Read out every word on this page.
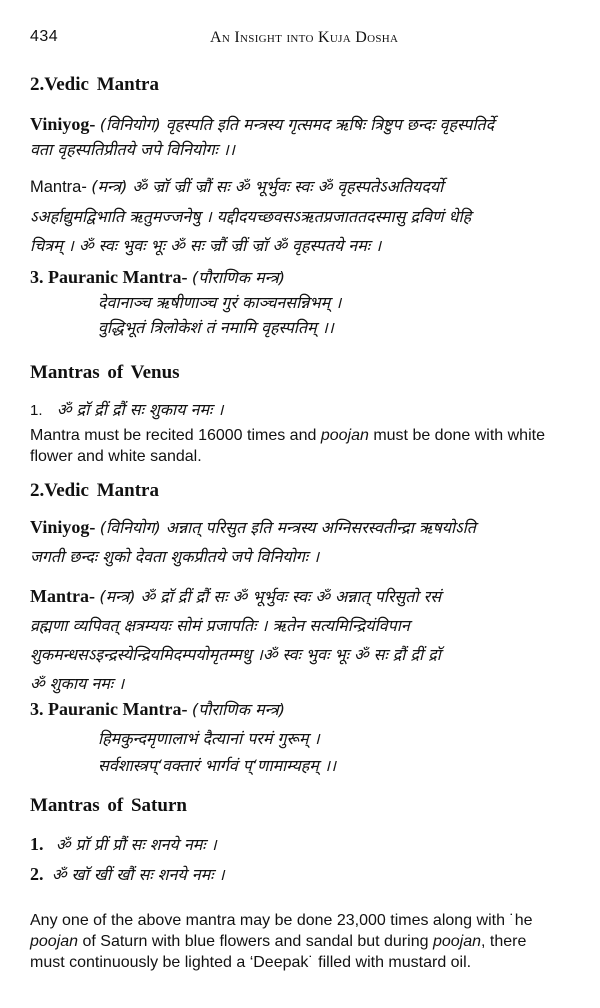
434	An Insight into Kuja Dosha
2.Vedic Mantra
Viniyog- (विनियोग) वृहस्पति इति मन्त्रस्य गृत्समद ऋषिः त्रिष्टुप छन्दः वृहस्पतिर्दे
वता वृहस्पतिप्रीतये जपे विनियोगः ।।
Mantra- (मन्त्र) ॐ ज्रॉ ज्रीं ज्रौं सः ॐ भूर्भुवः स्वः ॐ वृहस्पतेऽअतियदर्यो
ऽअर्हाद्युमद्विभाति ऋतुमज्जनेषु । यद्दीदयच्छवसऽऋतप्रजाततदस्मासु द्रविणं धेहि
चित्रम् । ॐ स्वः भुवः भूः ॐ सः ज्रौं ज्रीं ज्रॉ ॐ वृहस्पतये नमः ।
3. Pauranic Mantra- (पौराणिक मन्त्र)
देवानाञ्च ऋषीणाञ्च गुरं काञ्चनसन्निभम् ।
वुद्धिभूतं त्रिलोकेशं तं नमामि वृहस्पतिम् ।।
Mantras of Venus
1. ॐ द्रॉ द्रीं द्रौं सः शुकाय नमः ।
Mantra must be recited 16000 times and poojan must be done with white
flower and white sandal.
2.Vedic Mantra
Viniyog- (विनियोग) अन्नात् परिसुत इति मन्त्रस्य अग्निसरस्वतीन्द्रा ऋषयोऽति
जगती छन्दः शुको देवता शुकप्रीतये जपे विनियोगः ।
Mantra- (मन्त्र) ॐ द्रॉ द्रीं द्रौं सः ॐ भूर्भुवः स्वः ॐ अन्नात् परिसुतो रसं
व्रह्मणा व्यपिवत् क्षत्रम्ययः सोमं प्रजापतिः । ऋतेन सत्यमिन्द्रियंविपान
शुकमन्धसऽइन्द्रस्येन्द्रियमिदम्पयोमृतम्मधु ।ॐ स्वः भुवः भूः ॐ सः द्रौं द्रीं द्रॉ
ॐ शुकाय नमः ।
3. Pauranic Mantra- (पौराणिक मन्त्र)
हिमकुन्दमृणालाभं दैत्यानां परमं गुरूम् ।
सर्वशास्त्रप्‘वक्तारं भार्गवं प्‘णामाम्यहम् ।।
Mantras of Saturn
1. ॐ प्रॉ प्रीं प्रौं सः शनये नमः ।
2. ॐ खॉ खीं खौं सः शनये नमः ।
Any one of the above mantra may be done 23,000 times along with ˙he
poojan of Saturn with blue flowers and sandal but during poojan, there
must continuously be lighted a ‘Deepak˙ filled with mustard oil.
